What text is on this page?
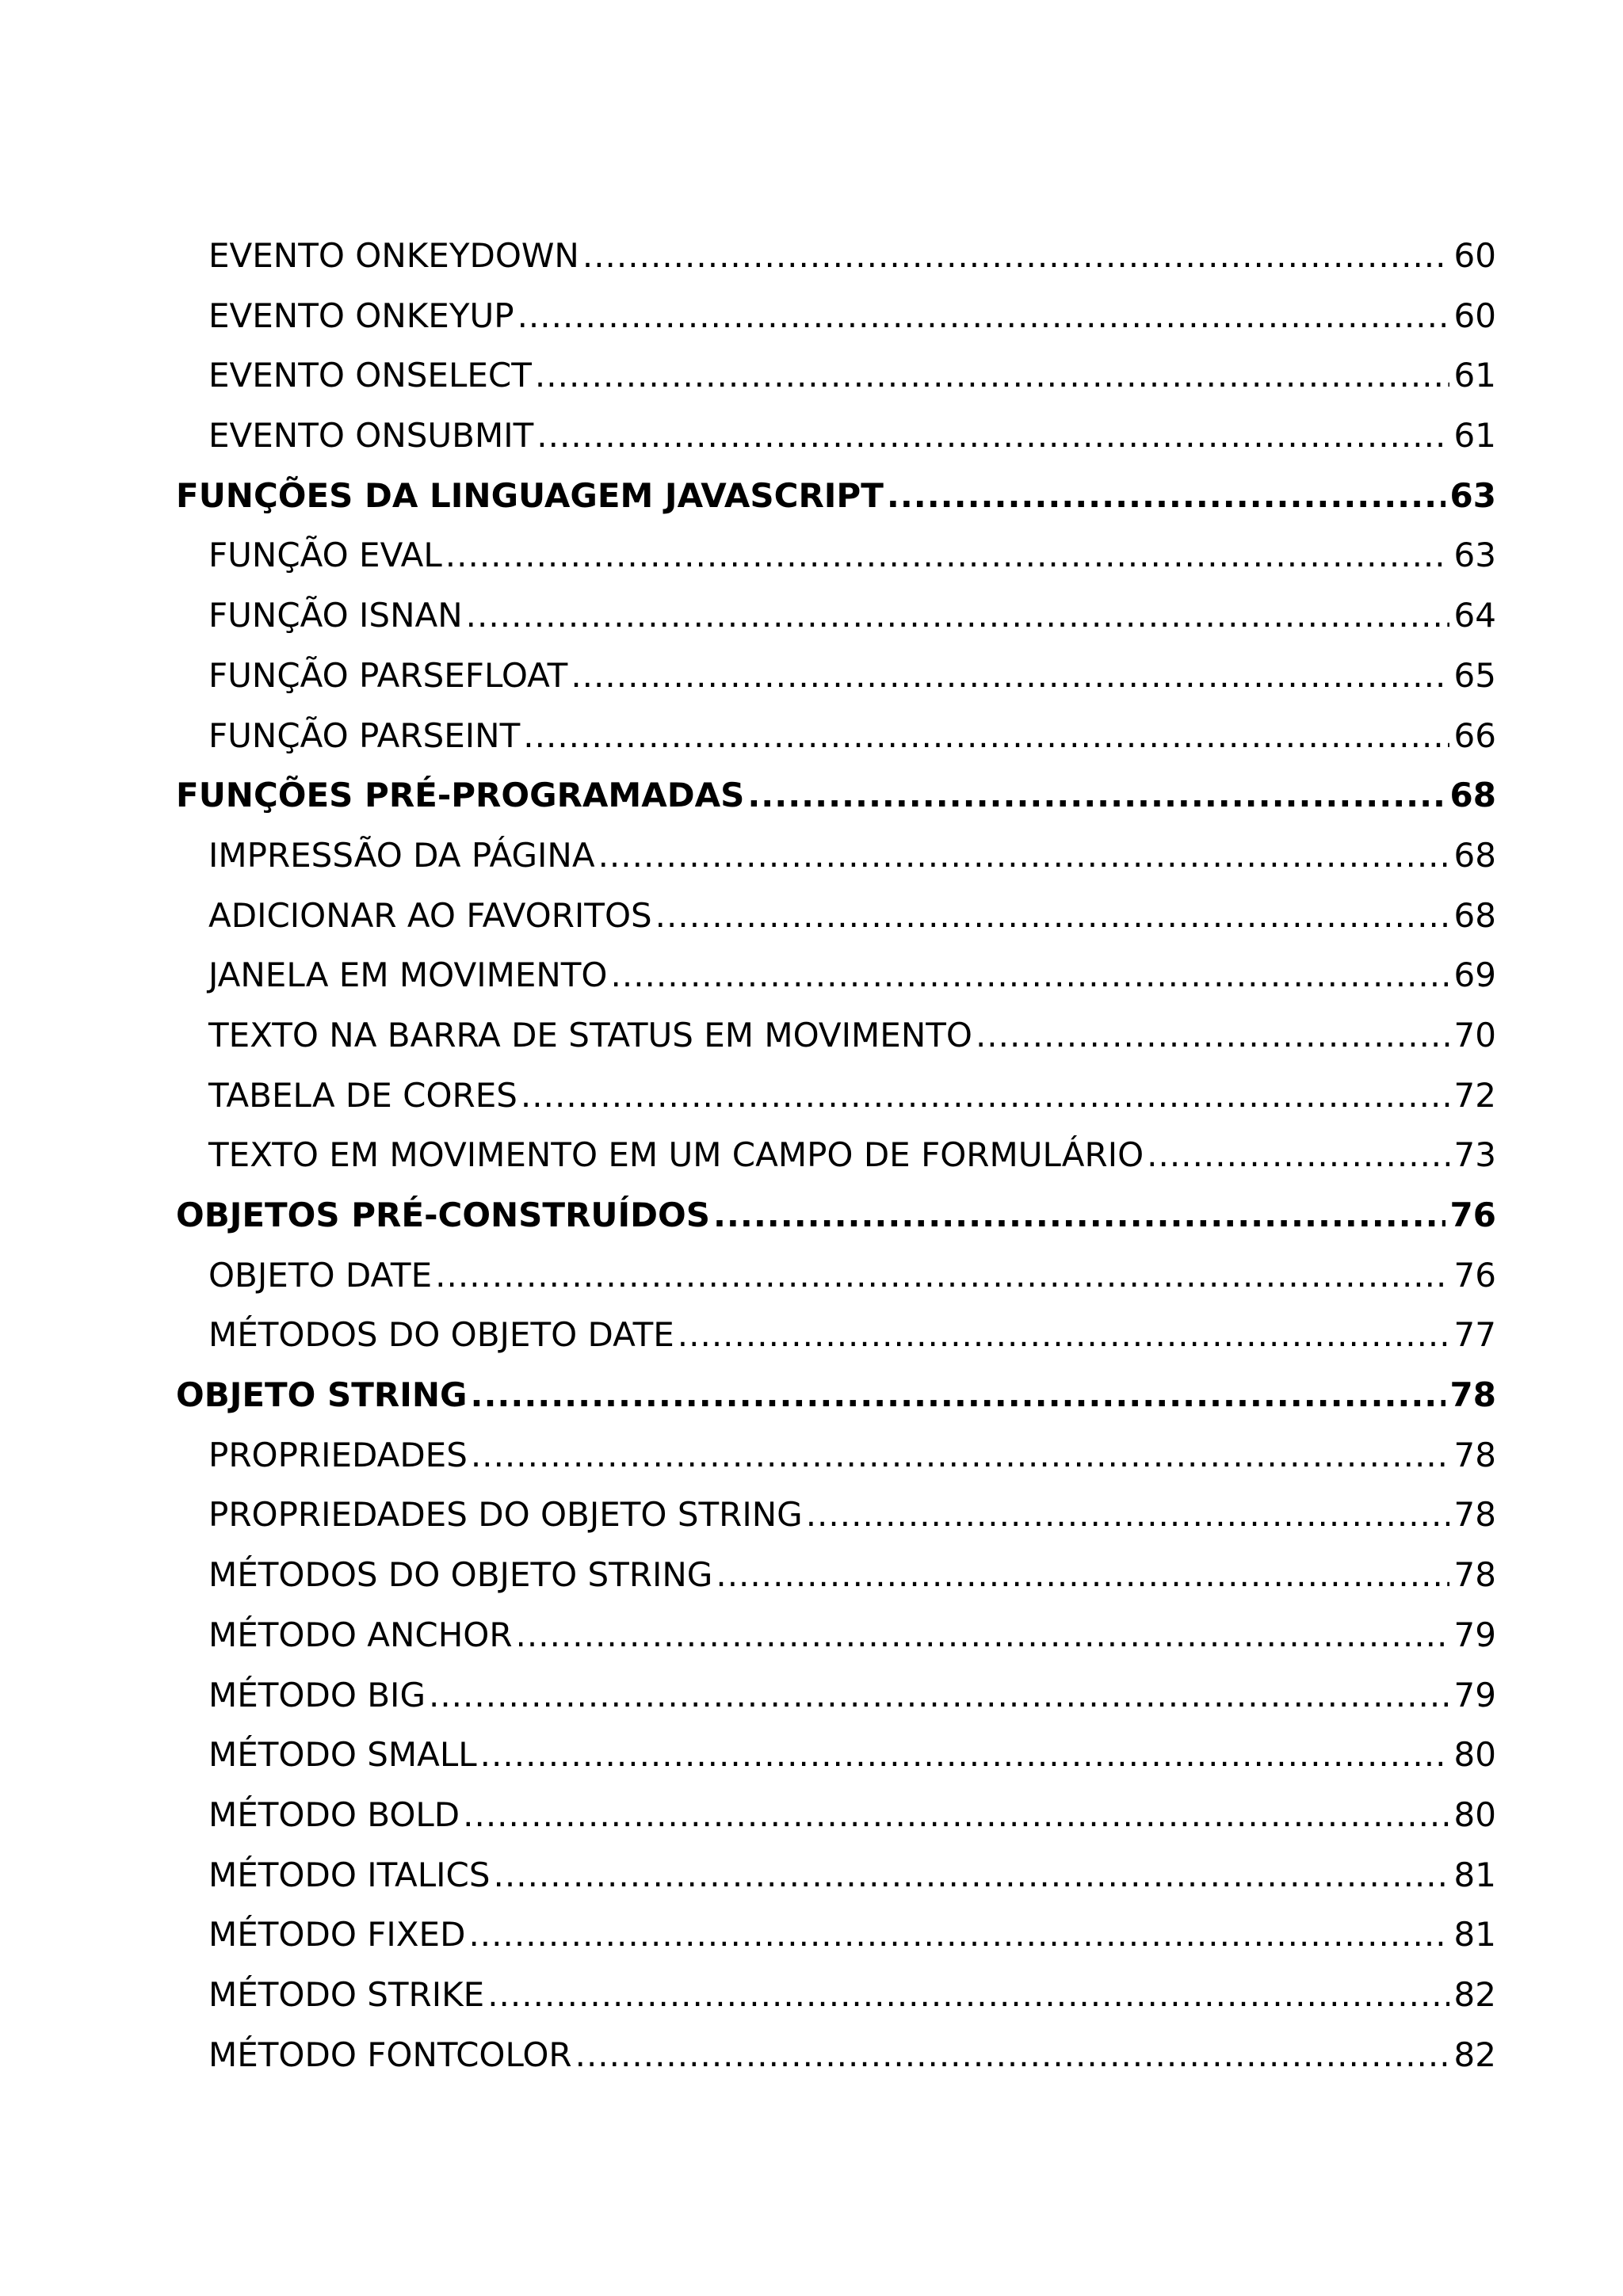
EVENTO ONKEYDOWN .....	60
EVENTO ONKEYUP .....	60
EVENTO ONSELECT .....	61
EVENTO ONSUBMIT .....	61
FUNÇÕES DA LINGUAGEM JAVASCRIPT .....	63
FUNÇÃO EVAL .....	63
FUNÇÃO ISNAN .....	64
FUNÇÃO PARSEFLOAT .....	65
FUNÇÃO PARSEINT .....	66
FUNÇÕES PRÉ-PROGRAMADAS .....	68
IMPRESSÃO DA PÁGINA .....	68
ADICIONAR AO FAVORITOS .....	68
JANELA EM MOVIMENTO .....	69
TEXTO NA BARRA DE STATUS EM MOVIMENTO .....	70
TABELA DE CORES .....	72
TEXTO EM MOVIMENTO EM UM CAMPO DE FORMULÁRIO .....	73
OBJETOS PRÉ-CONSTRUÍDOS .....	76
OBJETO DATE .....	76
MÉTODOS DO OBJETO DATE .....	77
OBJETO STRING .....	78
PROPRIEDADES .....	78
PROPRIEDADES DO OBJETO STRING .....	78
MÉTODOS DO OBJETO STRING .....	78
MÉTODO ANCHOR .....	79
MÉTODO BIG .....	79
MÉTODO SMALL .....	80
MÉTODO BOLD .....	80
MÉTODO ITALICS .....	81
MÉTODO FIXED .....	81
MÉTODO STRIKE .....	82
MÉTODO FONTCOLOR .....	82
